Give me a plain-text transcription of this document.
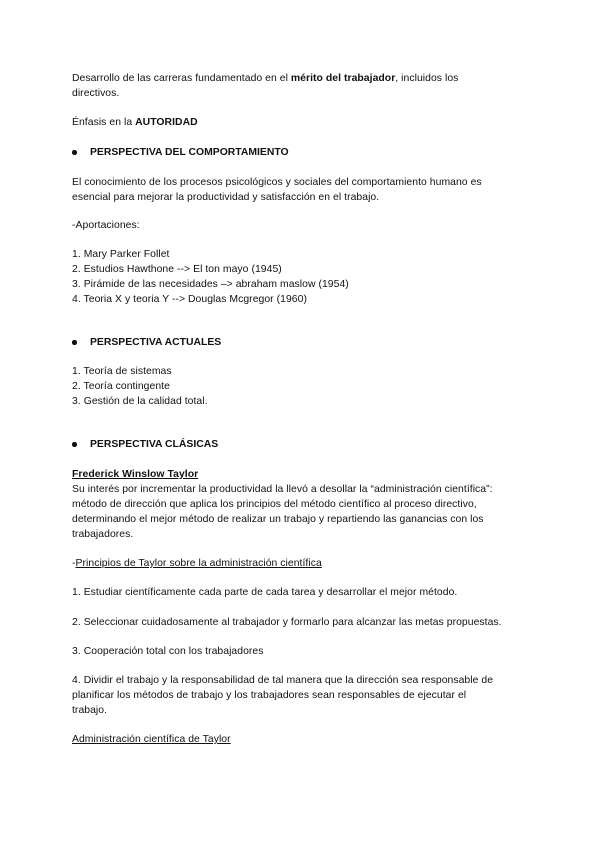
Desarrollo de las carreras fundamentado en el mérito del trabajador, incluidos los
directivos.
Énfasis en la AUTORIDAD
PERSPECTIVA DEL COMPORTAMIENTO
El conocimiento de los procesos psicológicos y sociales del comportamiento humano es
esencial para mejorar la productividad y satisfacción en el trabajo.
-Aportaciones:
1. Mary Parker Follet
2. Estudios Hawthone --> El ton mayo (1945)
3. Pirámide de las necesidades –> abraham maslow (1954)
4. Teoria X y teoria Y --> Douglas Mcgregor (1960)
PERSPECTIVA ACTUALES
1. Teoría de sistemas
2. Teoría contingente
3. Gestión de la calidad total.
PERSPECTIVA CLÁSICAS
Frederick Winslow Taylor
Su interés por incrementar la productividad la llevó a desollar la “administración científica”:
método de dirección que aplica los principios del método científico al proceso directivo,
determinando el mejor método de realizar un trabajo y repartiendo las ganancias con los
trabajadores.
-Principios de Taylor sobre la administración científica
1. Estudiar científicamente cada parte de cada tarea y desarrollar el mejor método.
2. Seleccionar cuidadosamente al trabajador y formarlo para alcanzar las metas propuestas.
3. Cooperación total con los trabajadores
4. Dividir el trabajo y la responsabilidad de tal manera que la dirección sea responsable de
planificar los métodos de trabajo y los trabajadores sean responsables de ejecutar el
trabajo.
Administración científica de Taylor
